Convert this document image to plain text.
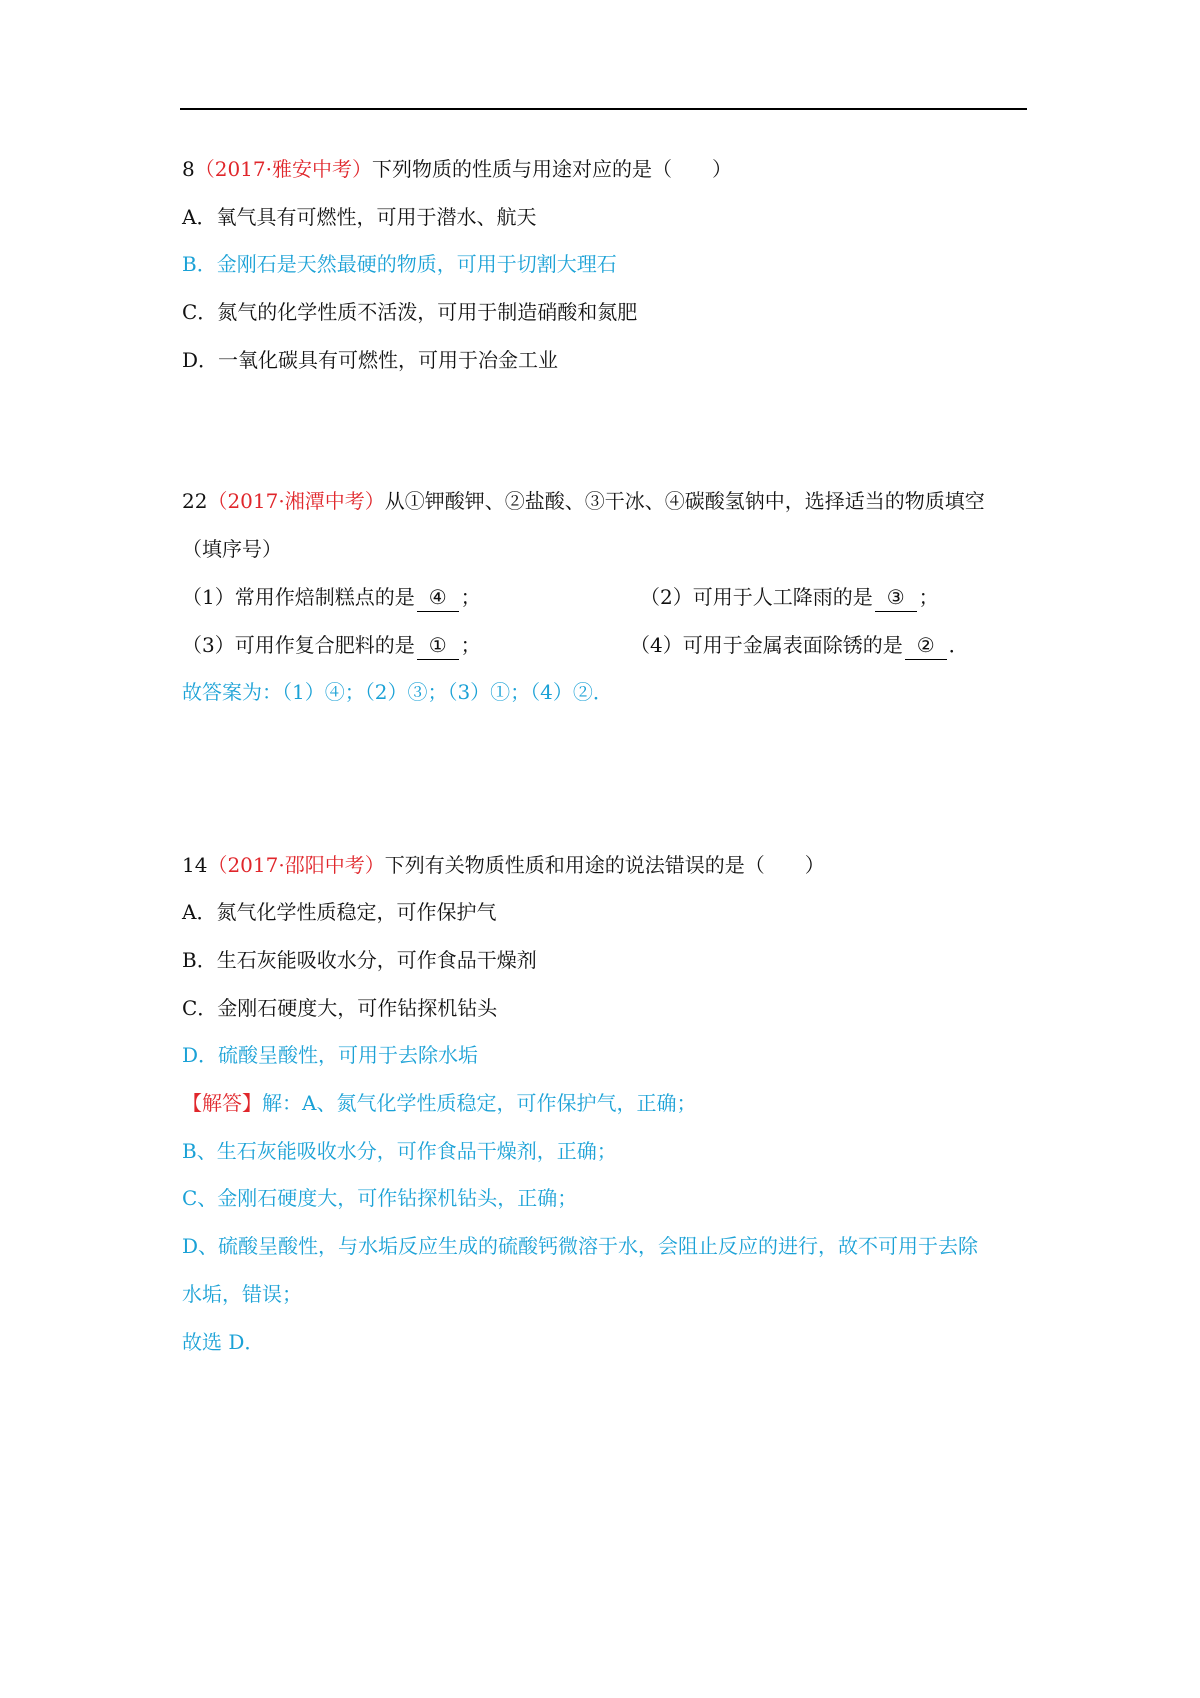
8（2017·雅安中考）下列物质的性质与用途对应的是（　　）
A．氧气具有可燃性，可用于潜水、航天
B．金刚石是天然最硬的物质，可用于切割大理石
C．氮气的化学性质不活泼，可用于制造硝酸和氮肥
D．一氧化碳具有可燃性，可用于冶金工业
22（2017·湘潭中考）从①钾酸钾、②盐酸、③干冰、④碳酸氢钠中，选择适当的物质填空
（填序号）
（1）常用作焙制糕点的是 ④ ；	（2）可用于人工降雨的是 ③ ；
（3）可用作复合肥料的是 ① ；	（4）可用于金属表面除锈的是 ② ．
故答案为：（1）④；（2）③；（3）①；（4）②．
14（2017·邵阳中考）下列有关物质性质和用途的说法错误的是（　　）
A．氮气化学性质稳定，可作保护气
B．生石灰能吸收水分，可作食品干燥剂
C．金刚石硬度大，可作钻探机钻头
D．硫酸呈酸性，可用于去除水垢
【解答】解：A、氮气化学性质稳定，可作保护气，正确；
B、生石灰能吸收水分，可作食品干燥剂，正确；
C、金刚石硬度大，可作钻探机钻头，正确；
D、硫酸呈酸性，与水垢反应生成的硫酸钙微溶于水，会阻止反应的进行，故不可用于去除
水垢，错误；
故选 D．
